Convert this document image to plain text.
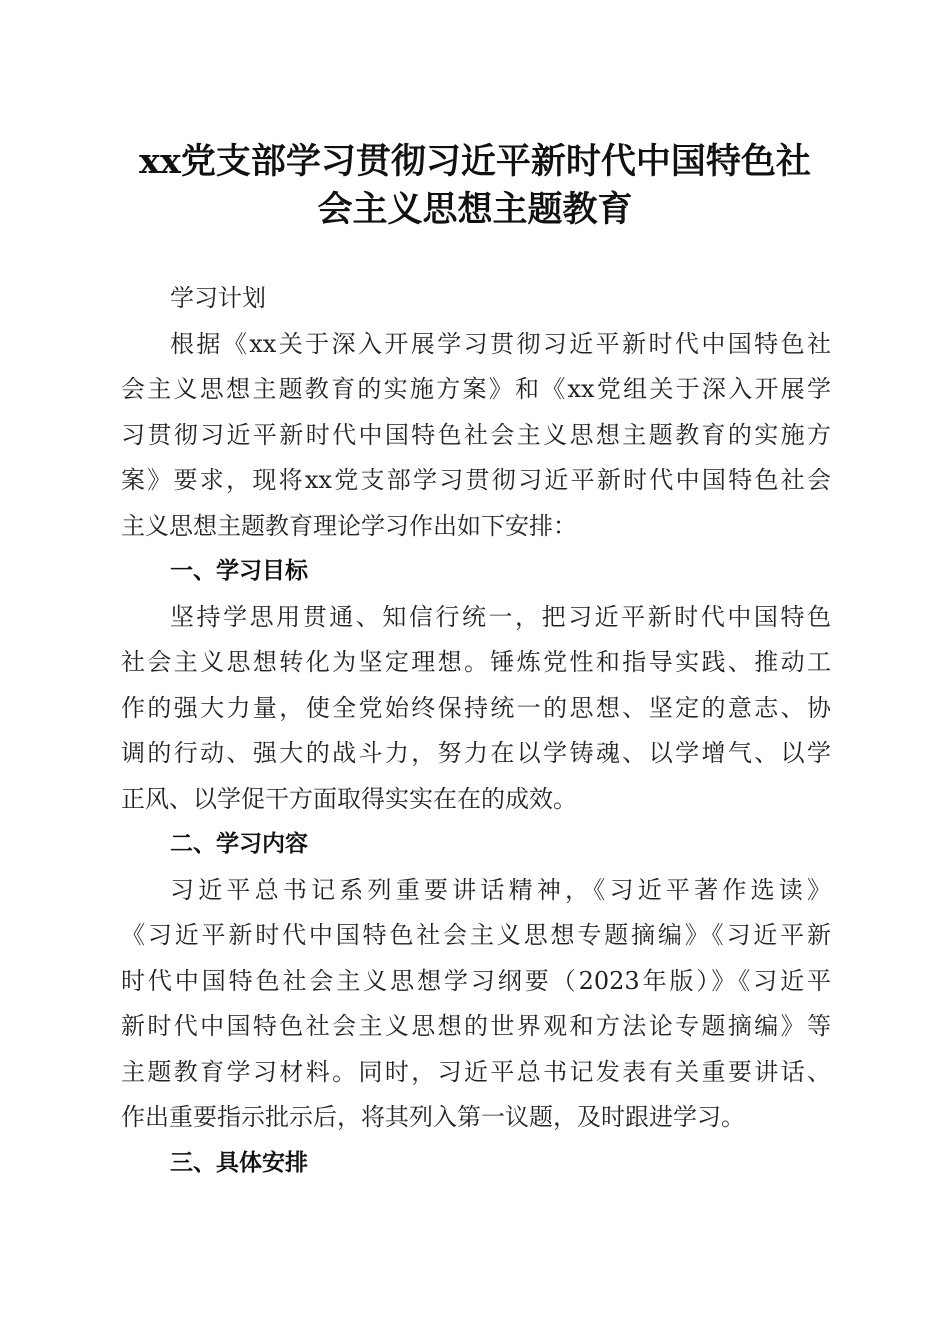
xx党支部学习贯彻习近平新时代中国特色社
会主义思想主题教育
学习计划
根据《xx关于深入开展学习贯彻习近平新时代中国特色社
会主义思想主题教育的实施方案》和《xx党组关于深入开展学
习贯彻习近平新时代中国特色社会主义思想主题教育的实施方
案》要求，现将xx党支部学习贯彻习近平新时代中国特色社会
主义思想主题教育理论学习作出如下安排：
一、学习目标
坚持学思用贯通、知信行统一，把习近平新时代中国特色
社会主义思想转化为坚定理想。锤炼党性和指导实践、推动工
作的强大力量，使全党始终保持统一的思想、坚定的意志、协
调的行动、强大的战斗力，努力在以学铸魂、以学增气、以学
正风、以学促干方面取得实实在在的成效。
二、学习内容
习近平总书记系列重要讲话精神，《习近平著作选读》
《习近平新时代中国特色社会主义思想专题摘编》《习近平新
时代中国特色社会主义思想学习纲要（2023年版）》《习近平
新时代中国特色社会主义思想的世界观和方法论专题摘编》等
主题教育学习材料。同时，习近平总书记发表有关重要讲话、
作出重要指示批示后，将其列入第一议题，及时跟进学习。
三、具体安排
